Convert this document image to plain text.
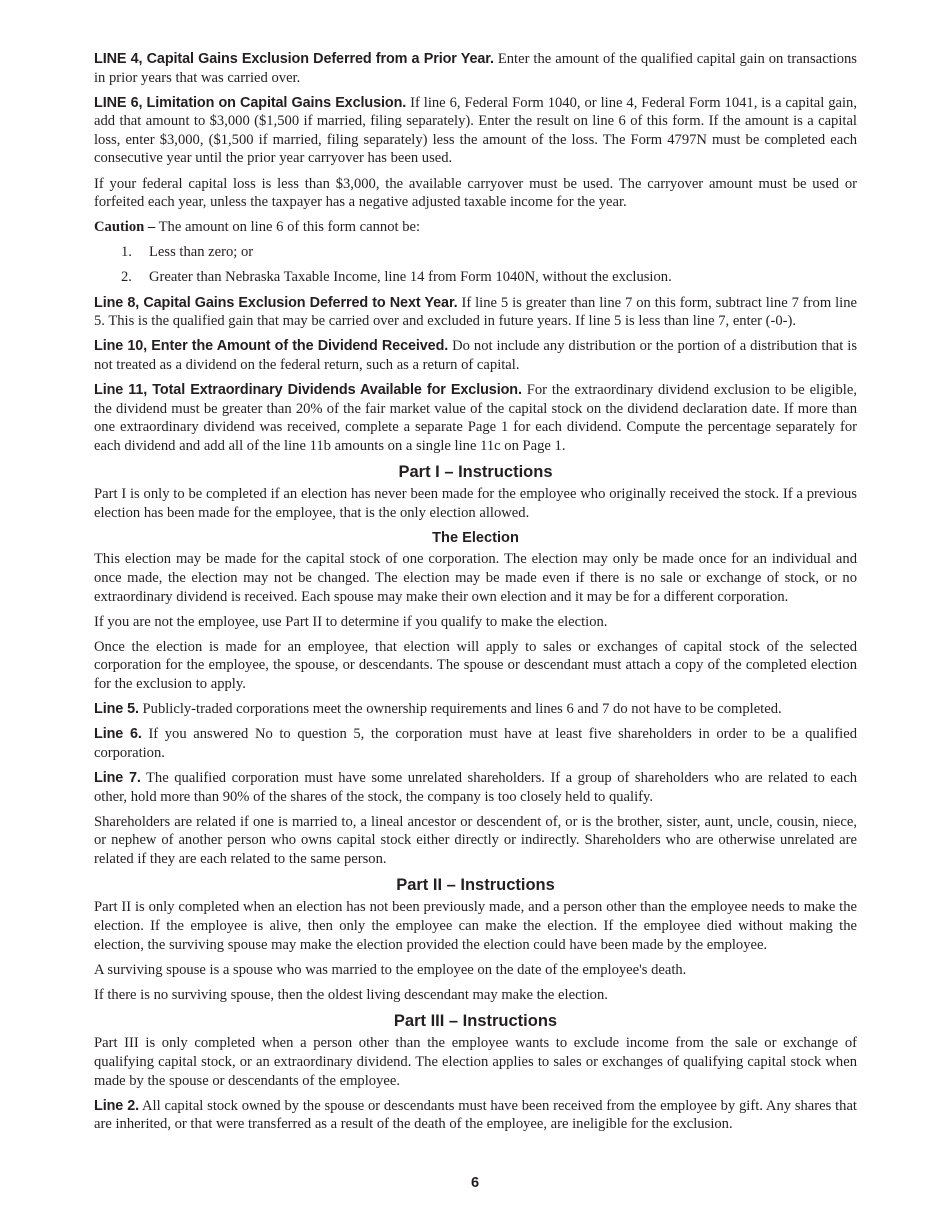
LINE 4, Capital Gains Exclusion Deferred from a Prior Year. Enter the amount of the qualified capital gain on transactions in prior years that was carried over.

LINE 6, Limitation on Capital Gains Exclusion. If line 6, Federal Form 1040, or line 4, Federal Form 1041, is a capital gain, add that amount to $3,000 ($1,500 if married, filing separately). Enter the result on line 6 of this form. If the amount is a capital loss, enter $3,000, ($1,500 if married, filing separately) less the amount of the loss. The Form 4797N must be completed each consecutive year until the prior year carryover has been used.

If your federal capital loss is less than $3,000, the available carryover must be used. The carryover amount must be used or forfeited each year, unless the taxpayer has a negative adjusted taxable income for the year.

Caution – The amount on line 6 of this form cannot be:

1.	Less than zero; or
2.	Greater than Nebraska Taxable Income, line 14 from Form 1040N, without the exclusion.

Line 8, Capital Gains Exclusion Deferred to Next Year. If line 5 is greater than line 7 on this form, subtract line 7 from line 5. This is the qualified gain that may be carried over and excluded in future years. If line 5 is less than line 7, enter (-0-).

Line 10, Enter the Amount of the Dividend Received. Do not include any distribution or the portion of a distribution that is not treated as a dividend on the federal return, such as a return of capital.

Line 11, Total Extraordinary Dividends Available for Exclusion. For the extraordinary dividend exclusion to be eligible, the dividend must be greater than 20% of the fair market value of the capital stock on the dividend declaration date. If more than one extraordinary dividend was received, complete a separate Page 1 for each dividend. Compute the percentage separately for each dividend and add all of the line 11b amounts on a single line 11c on Page 1.

Part I – Instructions

Part I is only to be completed if an election has never been made for the employee who originally received the stock. If a previous election has been made for the employee, that is the only election allowed.

The Election

This election may be made for the capital stock of one corporation. The election may only be made once for an individual and once made, the election may not be changed. The election may be made even if there is no sale or exchange of stock, or no extraordinary dividend is received. Each spouse may make their own election and it may be for a different corporation.

If you are not the employee, use Part II to determine if you qualify to make the election.

Once the election is made for an employee, that election will apply to sales or exchanges of capital stock of the selected corporation for the employee, the spouse, or descendants. The spouse or descendant must attach a copy of the completed election for the exclusion to apply.

Line 5. Publicly-traded corporations meet the ownership requirements and lines 6 and 7 do not have to be completed.

Line 6. If you answered No to question 5, the corporation must have at least five shareholders in order to be a qualified corporation.

Line 7. The qualified corporation must have some unrelated shareholders. If a group of shareholders who are related to each other, hold more than 90% of the shares of the stock, the company is too closely held to qualify.

Shareholders are related if one is married to, a lineal ancestor or descendent of, or is the brother, sister, aunt, uncle, cousin, niece, or nephew of another person who owns capital stock either directly or indirectly. Shareholders who are otherwise unrelated are related if they are each related to the same person.

Part II – Instructions

Part II is only completed when an election has not been previously made, and a person other than the employee needs to make the election. If the employee is alive, then only the employee can make the election. If the employee died without making the election, the surviving spouse may make the election provided the election could have been made by the employee.

A surviving spouse is a spouse who was married to the employee on the date of the employee's death.

If there is no surviving spouse, then the oldest living descendant may make the election.

Part III – Instructions

Part III is only completed when a person other than the employee wants to exclude income from the sale or exchange of qualifying capital stock, or an extraordinary dividend. The election applies to sales or exchanges of qualifying capital stock when made by the spouse or descendants of the employee.

Line 2. All capital stock owned by the spouse or descendants must have been received from the employee by gift. Any shares that are inherited, or that were transferred as a result of the death of the employee, are ineligible for the exclusion.

6
